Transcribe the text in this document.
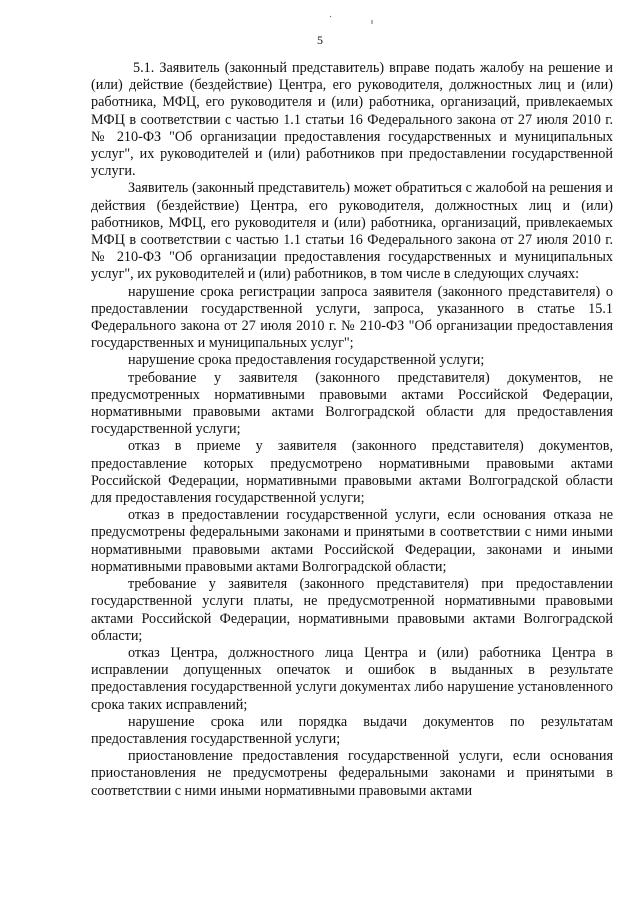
5

5.1. Заявитель (законный представитель) вправе подать жалобу на решение и (или) действие (бездействие) Центра, его руководителя, должностных лиц и (или) работника, МФЦ, его руководителя и (или) работника, организаций, привлекаемых МФЦ в соответствии с частью 1.1 статьи 16 Федерального закона от 27 июля 2010 г. № 210-ФЗ "Об организации предоставления государственных и муниципальных услуг", их руководителей и (или) работников при предоставлении государственной услуги.

Заявитель (законный представитель) может обратиться с жалобой на решения и действия (бездействие) Центра, его руководителя, должностных лиц и (или) работников, МФЦ, его руководителя и (или) работника, организаций, привлекаемых МФЦ в соответствии с частью 1.1 статьи 16 Федерального закона от 27 июля 2010 г. № 210-ФЗ "Об организации предоставления государственных и муниципальных услуг", их руководителей и (или) работников, в том числе в следующих случаях:

нарушение срока регистрации запроса заявителя (законного представителя) о предоставлении государственной услуги, запроса, указанного в статье 15.1 Федерального закона от 27 июля 2010 г. № 210-ФЗ "Об организации предоставления государственных и муниципальных услуг";

нарушение срока предоставления государственной услуги;

требование у заявителя (законного представителя) документов, не предусмотренных нормативными правовыми актами Российской Федерации, нормативными правовыми актами Волгоградской области для предоставления государственной услуги;

отказ в приеме у заявителя (законного представителя) документов, предоставление которых предусмотрено нормативными правовыми актами Российской Федерации, нормативными правовыми актами Волгоградской области для предоставления государственной услуги;

отказ в предоставлении государственной услуги, если основания отказа не предусмотрены федеральными законами и принятыми в соответствии с ними иными нормативными правовыми актами Российской Федерации, законами и иными нормативными правовыми актами Волгоградской области;

требование у заявителя (законного представителя) при предоставлении государственной услуги платы, не предусмотренной нормативными правовыми актами Российской Федерации, нормативными правовыми актами Волгоградской области;

отказ Центра, должностного лица Центра и (или) работника Центра в исправлении допущенных опечаток и ошибок в выданных в результате предоставления государственной услуги документах либо нарушение установленного срока таких исправлений;

нарушение срока или порядка выдачи документов по результатам предоставления государственной услуги;

приостановление предоставления государственной услуги, если основания приостановления не предусмотрены федеральными законами и принятыми в соответствии с ними иными нормативными правовыми актами
